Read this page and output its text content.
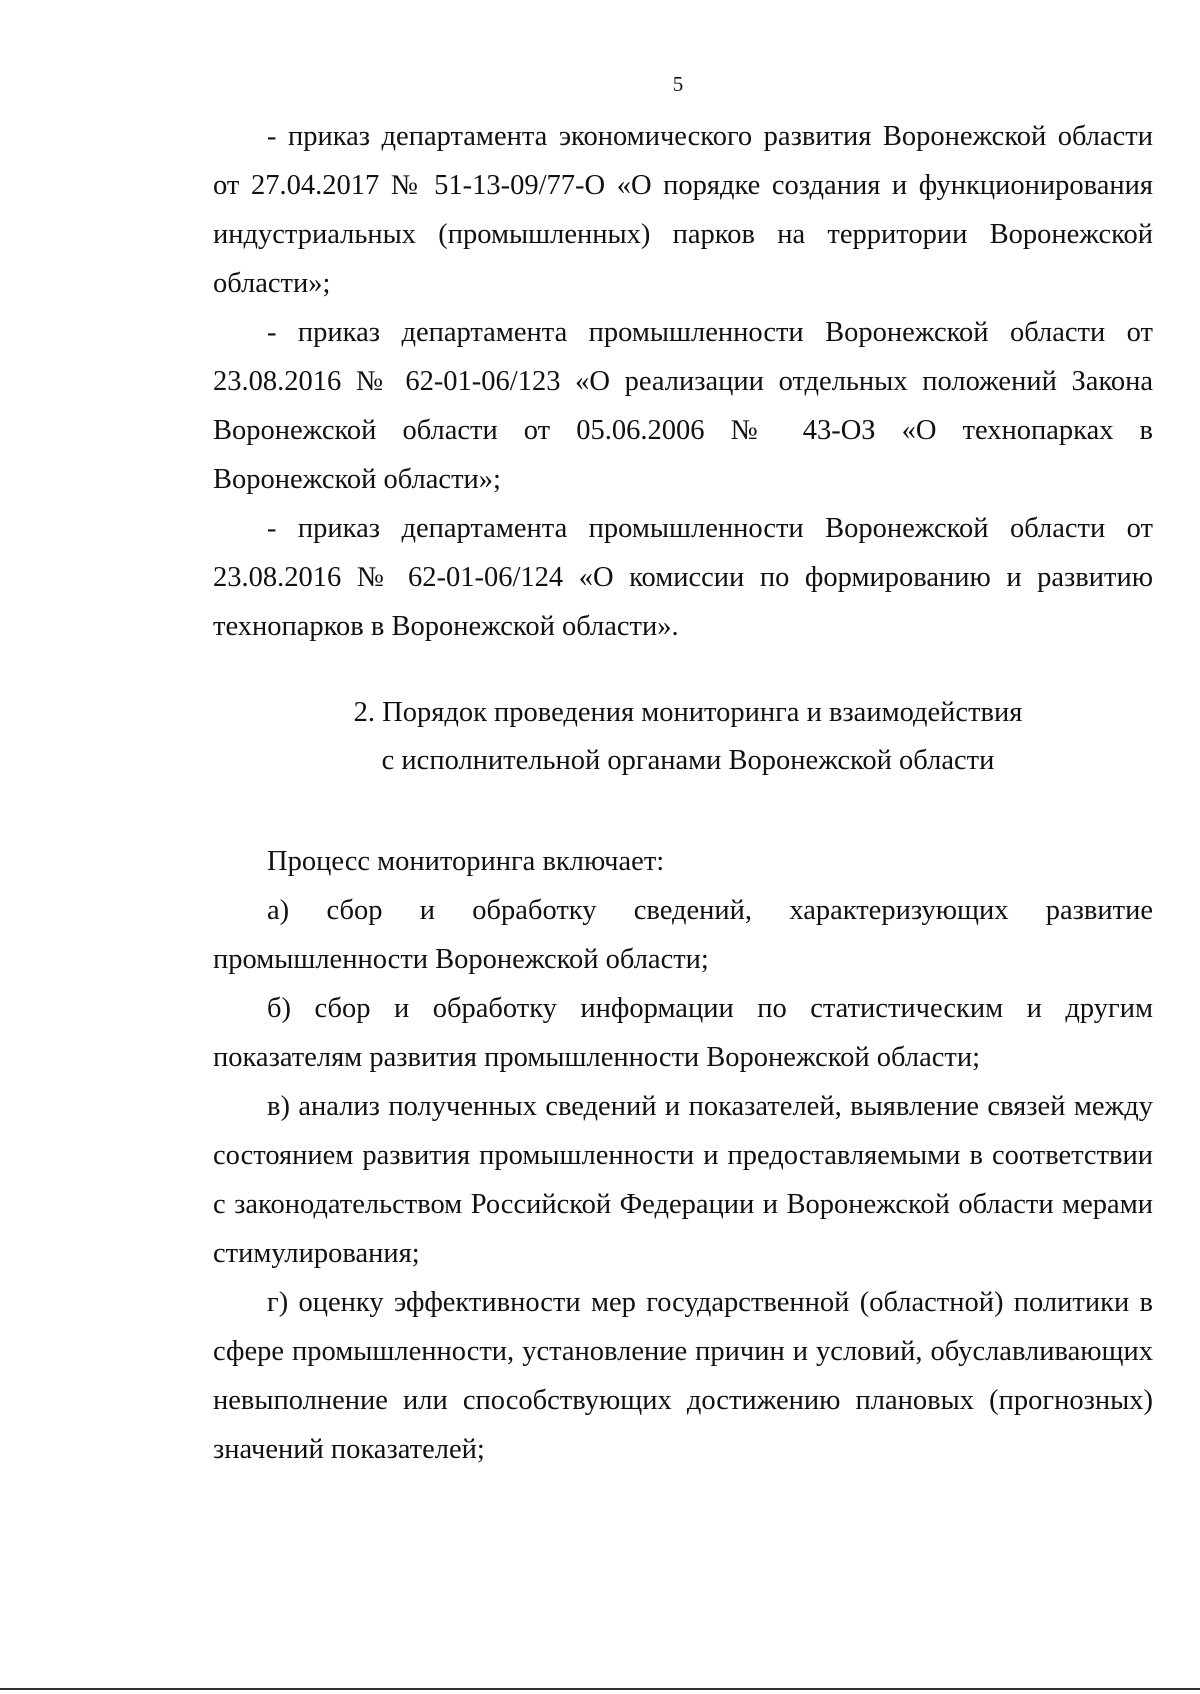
5

- приказ департамента экономического развития Воронежской области от 27.04.2017 № 51-13-09/77-О «О порядке создания и функционирования индустриальных (промышленных) парков на территории Воронежской области»;

- приказ департамента промышленности Воронежской области от 23.08.2016 № 62-01-06/123 «О реализации отдельных положений Закона Воронежской области от 05.06.2006 № 43-ОЗ «О технопарках в Воронежской области»;

- приказ департамента промышленности Воронежской области от 23.08.2016 № 62-01-06/124 «О комиссии по формированию и развитию технопарков в Воронежской области».

2. Порядок проведения мониторинга и взаимодействия
с исполнительной органами Воронежской области

Процесс мониторинга включает:

а) сбор и обработку сведений, характеризующих развитие промышленности Воронежской области;

б) сбор и обработку информации по статистическим и другим показателям развития промышленности Воронежской области;

в) анализ полученных сведений и показателей, выявление связей между состоянием развития промышленности и предоставляемыми в соответствии с законодательством Российской Федерации и Воронежской области мерами стимулирования;

г) оценку эффективности мер государственной (областной) политики в сфере промышленности, установление причин и условий, обуславливающих невыполнение или способствующих достижению плановых (прогнозных) значений показателей;
